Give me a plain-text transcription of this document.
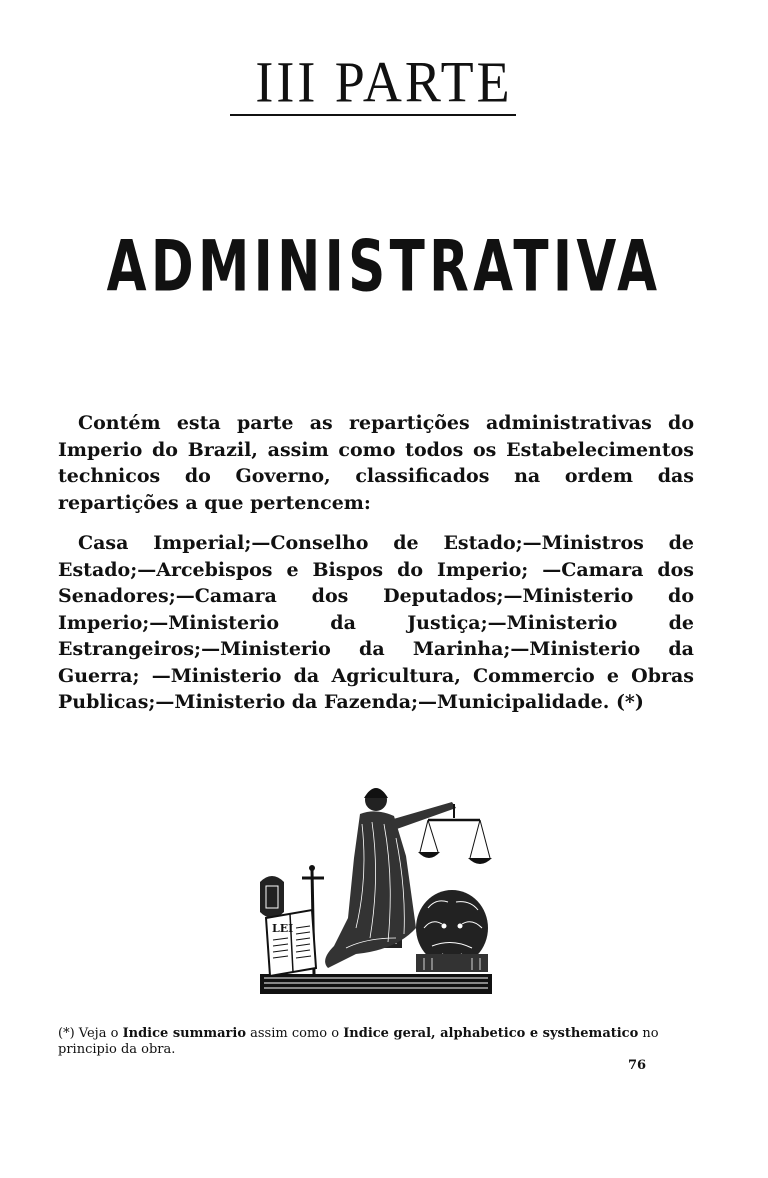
III PARTE
ADMINISTRATIVA

Contém esta parte as repartições administrativas do Imperio do Brazil, assim como todos os Estabelecimentos technicos do Governo, classificados na ordem das repartições a que pertencem:

Casa Imperial;—Conselho de Estado;—Ministros de Estado;—Arcebispos e Bispos do Imperio; —Camara dos Senadores;—Camara dos Deputados;—Ministerio do Imperio;—Ministerio da Justiça;—Ministerio de Estrangeiros;—Ministerio da Marinha;—Ministerio da Guerra; —Ministerio da Agricultura, Commercio e Obras Publicas;—Ministerio da Fazenda;—Municipalidade. (*)

LEI

(*) Veja o Indice summario assim como o Indice geral, alphabetico e systhematico no principio da obra.

76
